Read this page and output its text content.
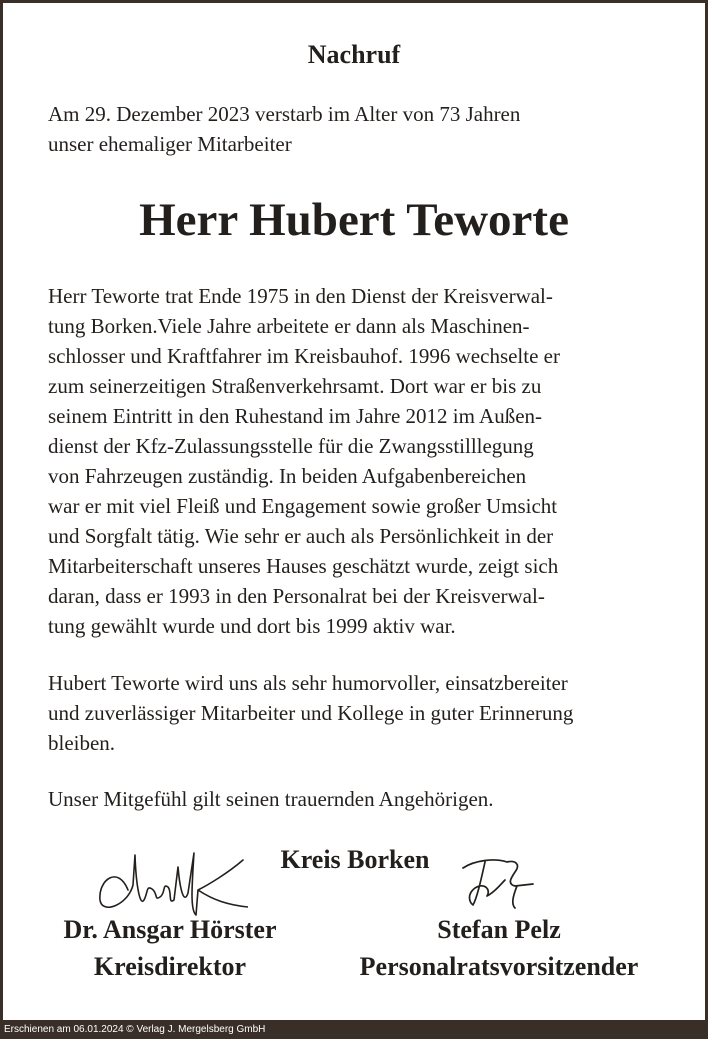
Nachruf
Am 29. Dezember 2023 verstarb im Alter von 73 Jahren
unser ehemaliger Mitarbeiter
Herr Hubert Teworte
Herr Teworte trat Ende 1975 in den Dienst der Kreisverwal-
tung Borken.Viele Jahre arbeitete er dann als Maschinen-
schlosser und Kraftfahrer im Kreisbauhof. 1996 wechselte er
zum seinerzeitigen Straßenverkehrsamt. Dort war er bis zu
seinem Eintritt in den Ruhestand im Jahre 2012 im Außen-
dienst der Kfz-Zulassungsstelle für die Zwangsstilllegung
von Fahrzeugen zuständig. In beiden Aufgabenbereichen
war er mit viel Fleiß und Engagement sowie großer Umsicht
und Sorgfalt tätig. Wie sehr er auch als Persönlichkeit in der
Mitarbeiterschaft unseres Hauses geschätzt wurde, zeigt sich
daran, dass er 1993 in den Personalrat bei der Kreisverwal-
tung gewählt wurde und dort bis 1999 aktiv war.
Hubert Teworte wird uns als sehr humorvoller, einsatzbereiter
und zuverlässiger Mitarbeiter und Kollege in guter Erinnerung
bleiben.
Unser Mitgefühl gilt seinen trauernden Angehörigen.
Kreis Borken
Dr. Ansgar Hörster
Kreisdirektor
Stefan Pelz
Personalratsvorsitzender
Erschienen am 06.01.2024 © Verlag J. Mergelsberg GmbH
